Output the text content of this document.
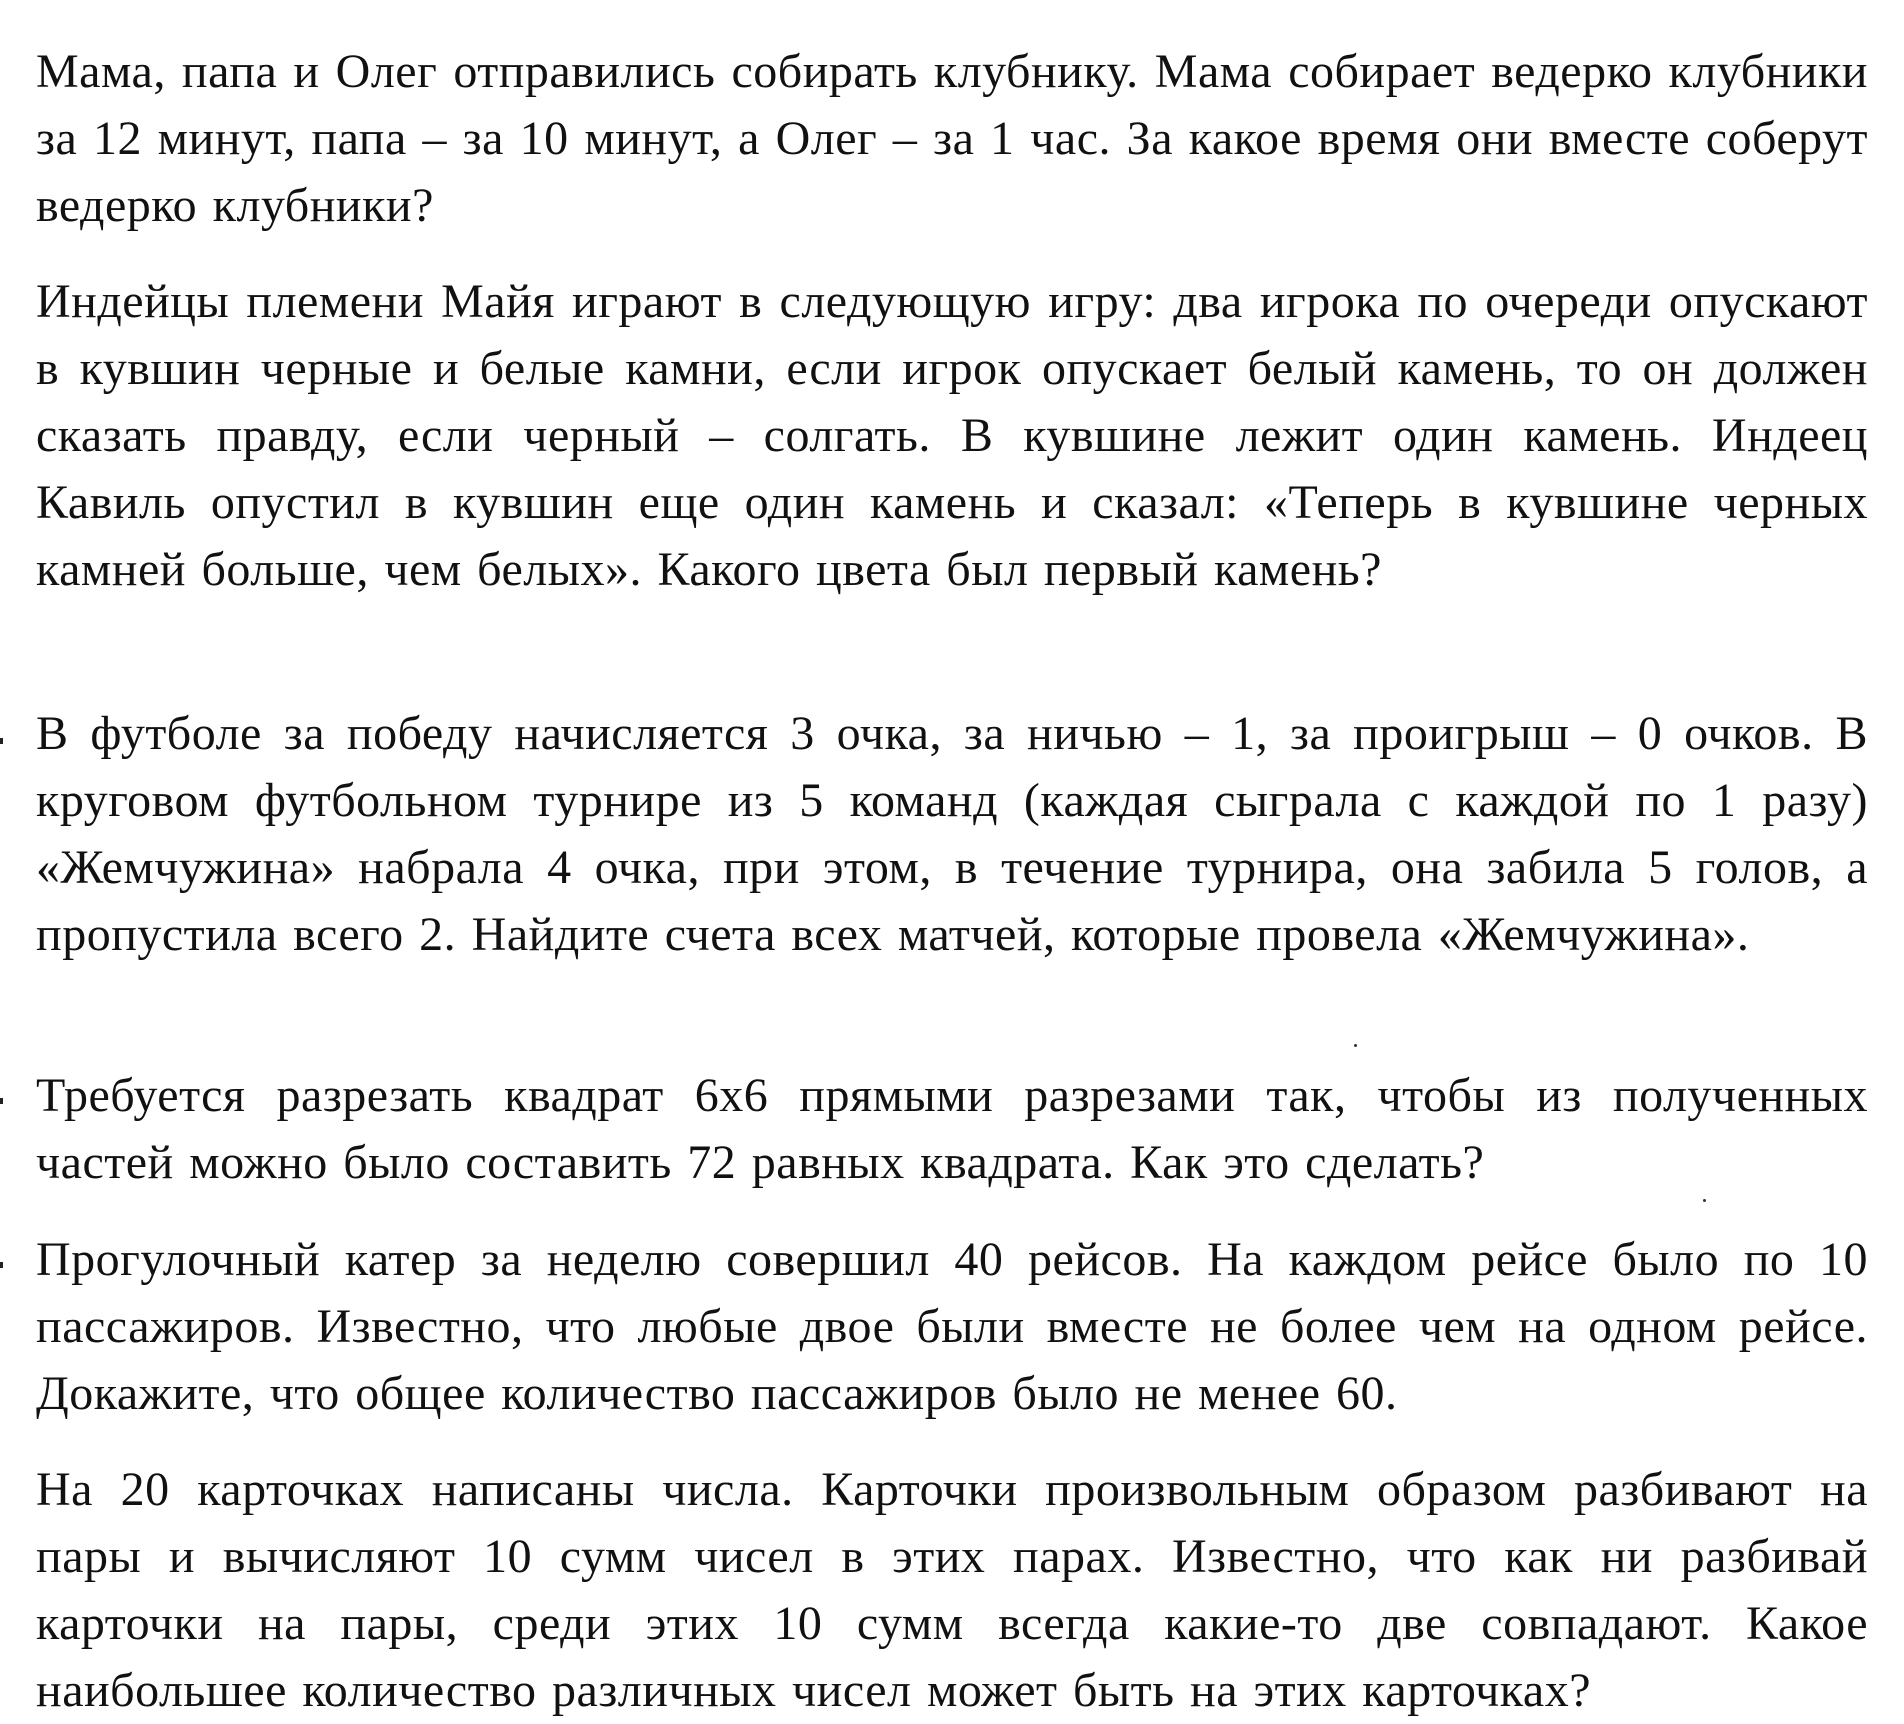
Мама, папа и Олег отправились собирать клубнику. Мама собирает ведерко клубники за 12 минут, папа – за 10 минут, а Олег – за 1 час. За какое время они вместе соберут ведерко клубники?

Индейцы племени Майя играют в следующую игру: два игрока по очереди опускают в кувшин черные и белые камни, если игрок опускает белый камень, то он должен сказать правду, если черный – солгать. В кувшине лежит один камень. Индеец Кавиль опустил в кувшин еще один камень и сказал: «Теперь в кувшине черных камней больше, чем белых». Какого цвета был первый камень?

В футболе за победу начисляется 3 очка, за ничью – 1, за проигрыш – 0 очков. В круговом футбольном турнире из 5 команд (каждая сыграла с каждой по 1 разу) «Жемчужина» набрала 4 очка, при этом, в течение турнира, она забила 5 голов, а пропустила всего 2. Найдите счета всех матчей, которые провела «Жемчужина».

Требуется разрезать квадрат 6х6 прямыми разрезами так, чтобы из полученных частей можно было составить 72 равных квадрата. Как это сделать?

Прогулочный катер за неделю совершил 40 рейсов. На каждом рейсе было по 10 пассажиров. Известно, что любые двое были вместе не более чем на одном рейсе. Докажите, что общее количество пассажиров было не менее 60.

На 20 карточках написаны числа. Карточки произвольным образом разбивают на пары и вычисляют 10 сумм чисел в этих парах. Известно, что как ни разбивай карточки на пары, среди этих 10 сумм всегда какие-то две совпадают. Какое наибольшее количество различных чисел может быть на этих карточках?
